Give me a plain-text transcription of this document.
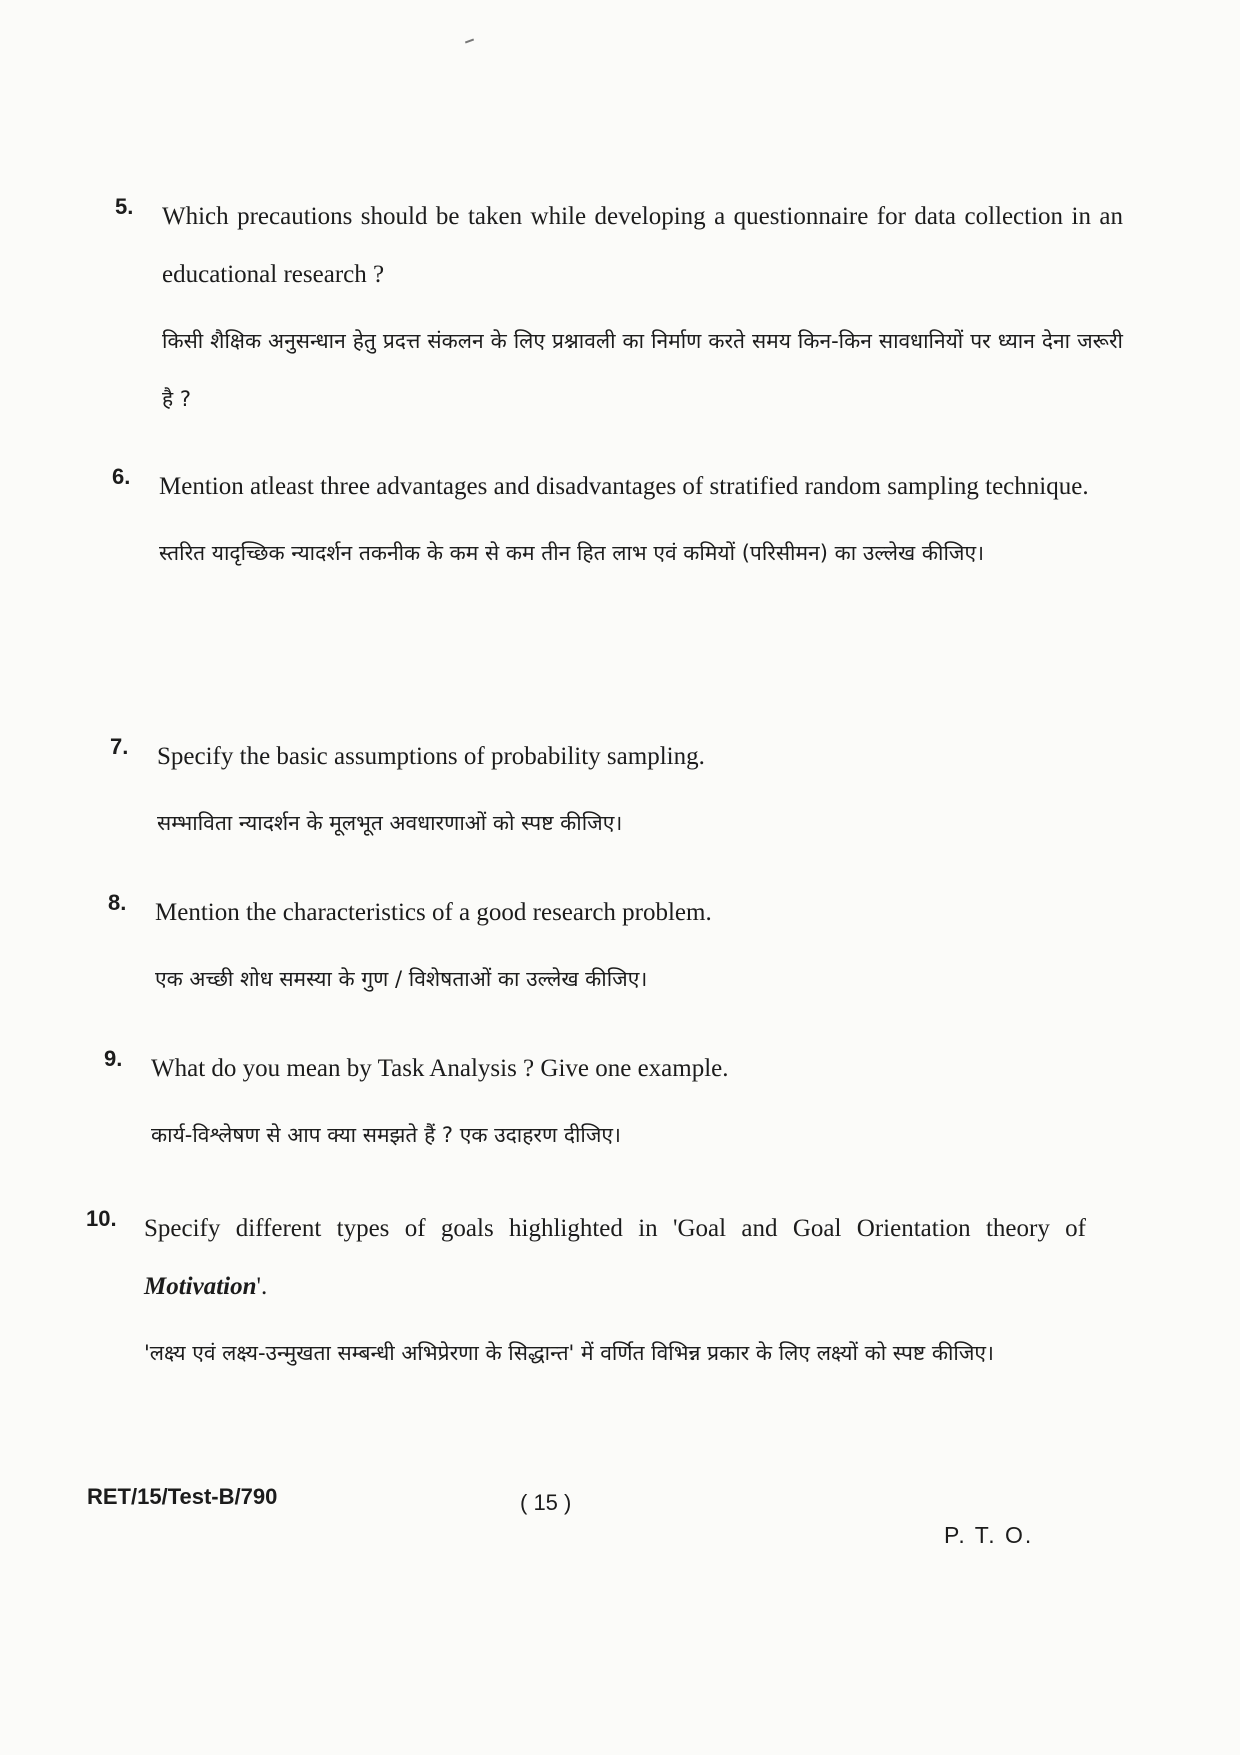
5. Which precautions should be taken while developing a questionnaire for data collection in an educational research ?

किसी शैक्षिक अनुसन्धान हेतु प्रदत्त संकलन के लिए प्रश्नावली का निर्माण करते समय किन-किन सावधानियों पर ध्यान देना जरूरी है ?

6. Mention atleast three advantages and disadvantages of stratified random sampling technique.

स्तरित यादृच्छिक न्यादर्शन तकनीक के कम से कम तीन हित लाभ एवं कमियों (परिसीमन) का उल्लेख कीजिए।

7. Specify the basic assumptions of probability sampling.

सम्भाविता न्यादर्शन के मूलभूत अवधारणाओं को स्पष्ट कीजिए।

8. Mention the characteristics of a good research problem.

एक अच्छी शोध समस्या के गुण / विशेषताओं का उल्लेख कीजिए।

9. What do you mean by Task Analysis ? Give one example.

कार्य-विश्लेषण से आप क्या समझते हैं ? एक उदाहरण दीजिए।

10. Specify different types of goals highlighted in 'Goal and Goal Orientation theory of Motivation'.

'लक्ष्य एवं लक्ष्य-उन्मुखता सम्बन्धी अभिप्रेरणा के सिद्धान्त' में वर्णित विभिन्न प्रकार के लिए लक्ष्यों को स्पष्ट कीजिए।

RET/15/Test-B/790	( 15 )
P. T. O.
